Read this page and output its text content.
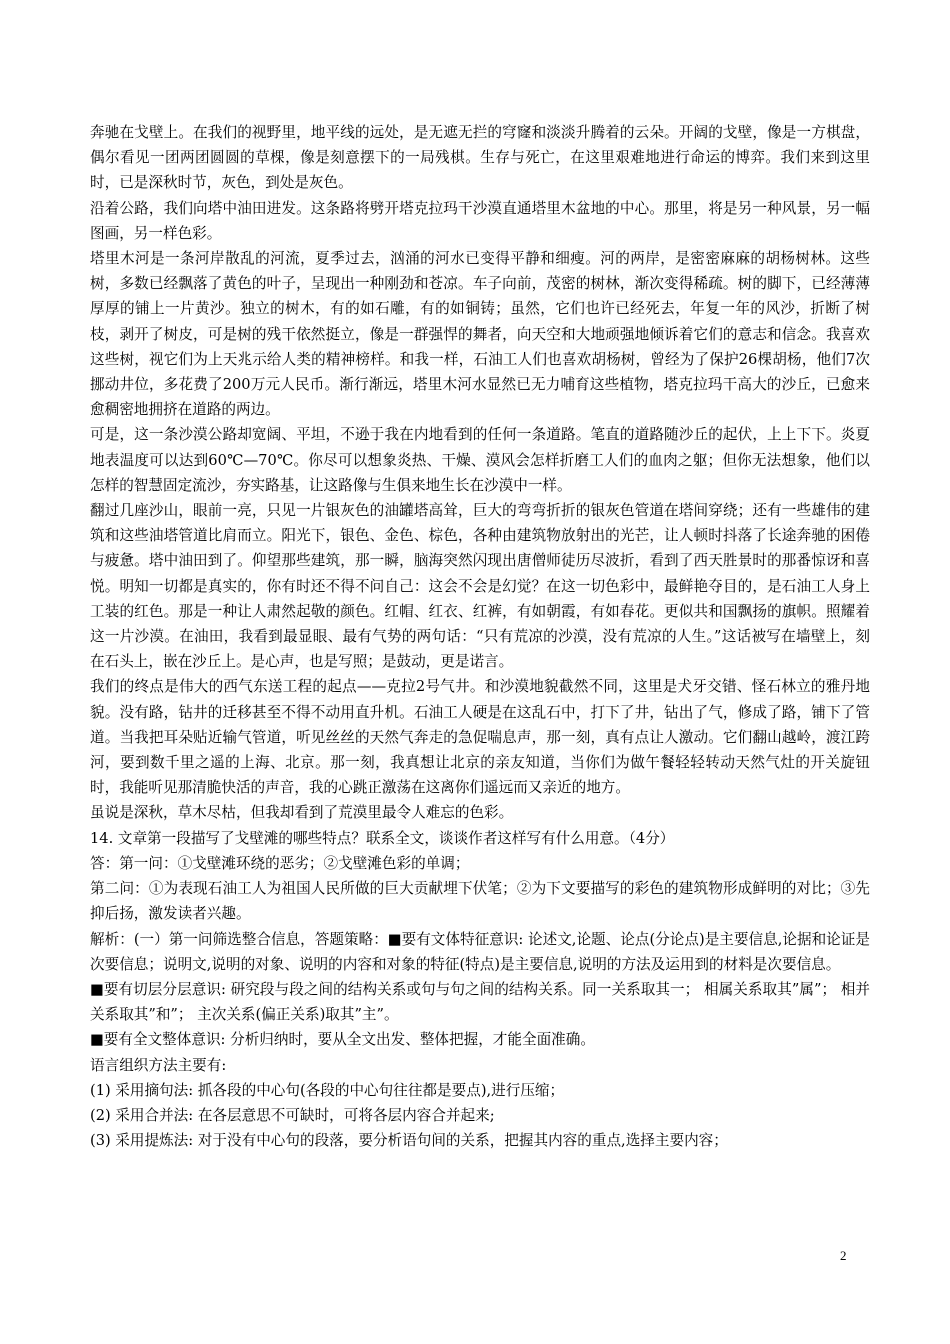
奔驰在戈壁上。在我们的视野里，地平线的远处，是无遮无拦的穹窿和淡淡升腾着的云朵。开阔的戈壁，像是一方棋盘，偶尔看见一团两团圆圆的草棵，像是刻意摆下的一局残棋。生存与死亡，在这里艰难地进行命运的博弈。我们来到这里时，已是深秋时节，灰色，到处是灰色。

沿着公路，我们向塔中油田进发。这条路将劈开塔克拉玛干沙漠直通塔里木盆地的中心。那里，将是另一种风景，另一幅图画，另一样色彩。

塔里木河是一条河岸散乱的河流，夏季过去，汹涌的河水已变得平静和细瘦。河的两岸，是密密麻麻的胡杨树林。这些树，多数已经飘落了黄色的叶子，呈现出一种刚劲和苍凉。车子向前，茂密的树林，渐次变得稀疏。树的脚下，已经薄薄厚厚的铺上一片黄沙。独立的树木，有的如石雕，有的如铜铸；虽然，它们也许已经死去，年复一年的风沙，折断了树枝，剥开了树皮，可是树的残干依然挺立，像是一群强悍的舞者，向天空和大地顽强地倾诉着它们的意志和信念。我喜欢这些树，视它们为上天兆示给人类的精神榜样。和我一样，石油工人们也喜欢胡杨树，曾经为了保护26棵胡杨，他们7次挪动井位，多花费了200万元人民币。渐行渐远，塔里木河水显然已无力哺育这些植物，塔克拉玛干高大的沙丘，已愈来愈稠密地拥挤在道路的两边。

可是，这一条沙漠公路却宽阔、平坦，不逊于我在内地看到的任何一条道路。笔直的道路随沙丘的起伏，上上下下。炎夏地表温度可以达到60℃—70℃。你尽可以想象炎热、干燥、漠风会怎样折磨工人们的血肉之躯；但你无法想象，他们以怎样的智慧固定流沙，夯实路基，让这路像与生俱来地生长在沙漠中一样。

翻过几座沙山，眼前一亮，只见一片银灰色的油罐塔高耸，巨大的弯弯折折的银灰色管道在塔间穿绕；还有一些雄伟的建筑和这些油塔管道比肩而立。阳光下，银色、金色、棕色，各种由建筑物放射出的光芒，让人顿时抖落了长途奔驰的困倦与疲惫。塔中油田到了。仰望那些建筑，那一瞬，脑海突然闪现出唐僧师徒历尽波折，看到了西天胜景时的那番惊讶和喜悦。明知一切都是真实的，你有时还不得不问自己：这会不会是幻觉？在这一切色彩中，最鲜艳夺目的，是石油工人身上工装的红色。那是一种让人肃然起敬的颜色。红帽、红衣、红裤，有如朝霞，有如春花。更似共和国飘扬的旗帜。照耀着这一片沙漠。在油田，我看到最显眼、最有气势的两句话：“只有荒凉的沙漠，没有荒凉的人生。”这话被写在墙壁上，刻在石头上，嵌在沙丘上。是心声，也是写照；是鼓动，更是诺言。

我们的终点是伟大的西气东送工程的起点——克拉2号气井。和沙漠地貌截然不同，这里是犬牙交错、怪石林立的雅丹地貌。没有路，钻井的迁移甚至不得不动用直升机。石油工人硬是在这乱石中，打下了井，钻出了气，修成了路，铺下了管道。当我把耳朵贴近输气管道，听见丝丝的天然气奔走的急促喘息声，那一刻，真有点让人激动。它们翻山越岭，渡江跨河，要到数千里之遥的上海、北京。那一刻，我真想让北京的亲友知道，当你们为做午餐轻轻转动天然气灶的开关旋钮时，我能听见那清脆快活的声音，我的心跳正激荡在这离你们遥远而又亲近的地方。

虽说是深秋，草木尽枯，但我却看到了荒漠里最令人难忘的色彩。

14. 文章第一段描写了戈壁滩的哪些特点？联系全文，谈谈作者这样写有什么用意。（4分）

答：第一问：①戈壁滩环绕的恶劣；②戈壁滩色彩的单调；

第二问：①为表现石油工人为祖国人民所做的巨大贡献埋下伏笔；②为下文要描写的彩色的建筑物形成鲜明的对比；③先抑后扬，激发读者兴趣。

解析：(一）第一问筛选整合信息，答题策略：■要有文体特征意识: 论述文,论题、论点(分论点)是主要信息,论据和论证是次要信息；说明文,说明的对象、说明的内容和对象的特征(特点)是主要信息,说明的方法及运用到的材料是次要信息。

■要有切层分层意识: 研究段与段之间的结构关系或句与句之间的结构关系。同一关系取其一； 相属关系取其”属”； 相并关系取其”和”； 主次关系(偏正关系)取其”主”。

■要有全文整体意识: 分析归纳时，要从全文出发、整体把握，才能全面准确。

语言组织方法主要有:

(1) 采用摘句法: 抓各段的中心句(各段的中心句往往都是要点),进行压缩；

(2) 采用合并法: 在各层意思不可缺时，可将各层内容合并起来;

(3) 采用提炼法: 对于没有中心句的段落，要分析语句间的关系，把握其内容的重点,选择主要内容；

2
